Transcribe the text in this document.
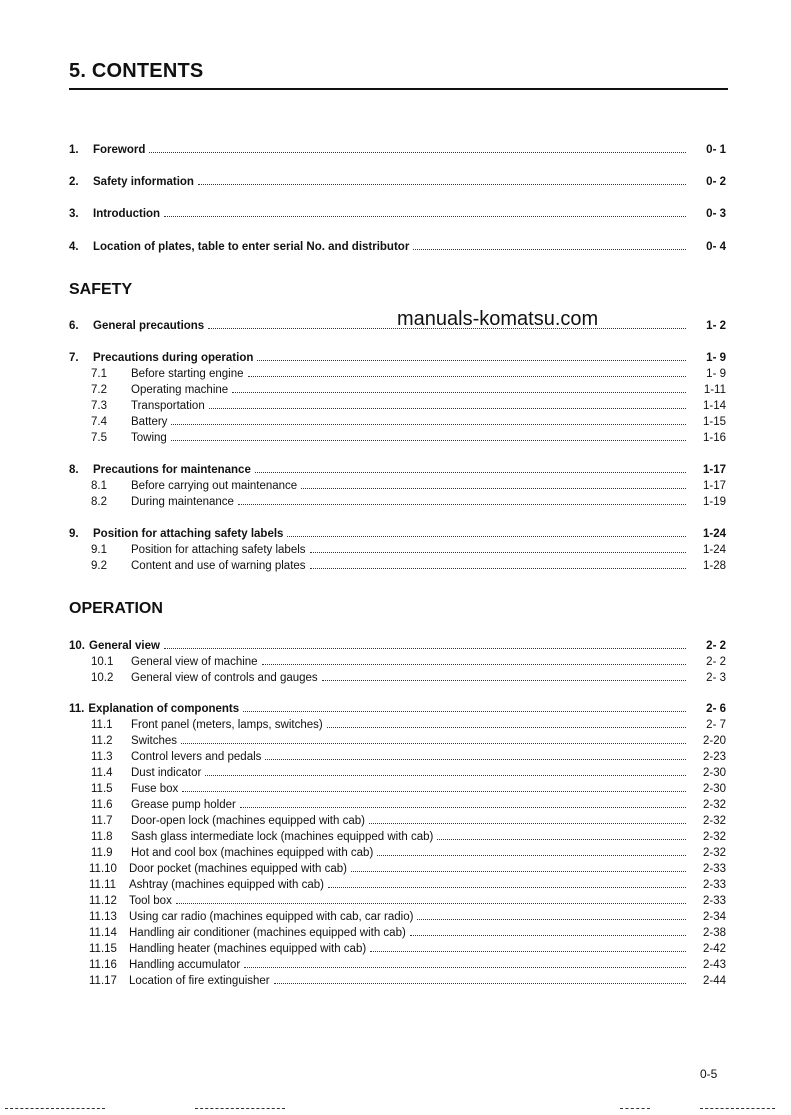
5. CONTENTS
SAFETY
OPERATION
manuals-komatsu.com
1.	Foreword	0- 1
2.	Safety information	0- 2
3.	Introduction	0- 3
4.	Location of plates, table to enter serial No. and distributor	0- 4
6.	General precautions	1- 2
7.	Precautions during operation	1- 9
7.1	Before starting engine	1- 9
7.2	Operating machine	1-11
7.3	Transportation	1-14
7.4	Battery	1-15
7.5	Towing	1-16
8.	Precautions for maintenance	1-17
8.1	Before carrying out maintenance	1-17
8.2	During maintenance	1-19
9.	Position for attaching safety labels	1-24
9.1	Position for attaching safety labels	1-24
9.2	Content and use of warning plates	1-28
10. General view	2- 2
10.1	General view of machine	2- 2
10.2	General view of controls and gauges	2- 3
11. Explanation of components	2- 6
11.1	Front panel (meters, lamps, switches)	2- 7
11.2	Switches	2-20
11.3	Control levers and pedals	2-23
11.4	Dust indicator	2-30
11.5	Fuse box	2-30
11.6	Grease pump holder	2-32
11.7	Door-open lock (machines equipped with cab)	2-32
11.8	Sash glass intermediate lock (machines equipped with cab)	2-32
11.9	Hot and cool box (machines equipped with cab)	2-32
11.10	Door pocket (machines equipped with cab)	2-33
11.11	Ashtray (machines equipped with cab)	2-33
11.12	Tool box	2-33
11.13	Using car radio (machines equipped with cab, car radio)	2-34
11.14	Handling air conditioner (machines equipped with cab)	2-38
11.15	Handling heater (machines equipped with cab)	2-42
11.16	Handling accumulator	2-43
11.17	Location of fire extinguisher	2-44
0-5
